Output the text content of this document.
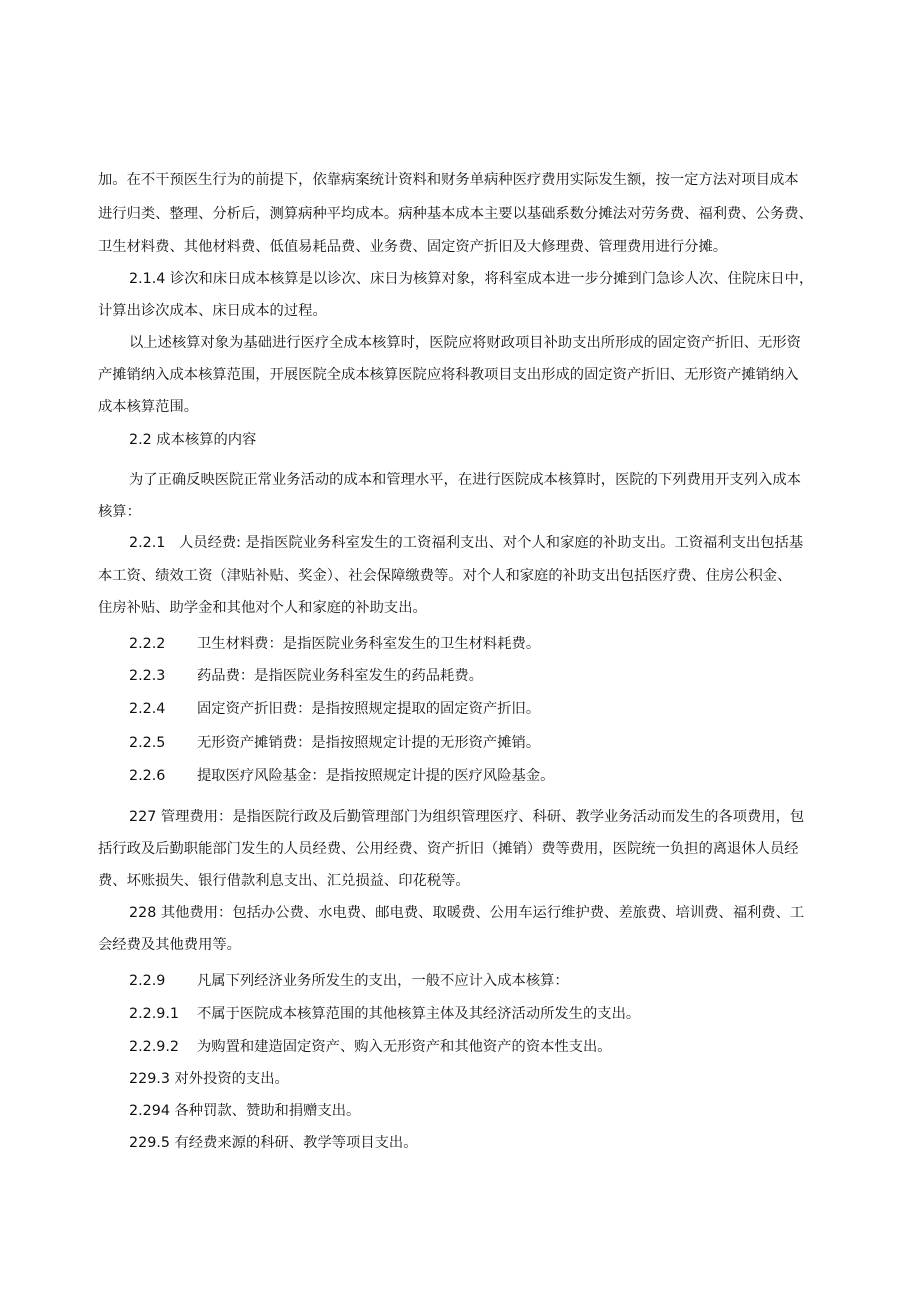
加。在不干预医生行为的前提下，依靠病案统计资料和财务单病种医疗费用实际发生额，按一定方法对项目成本
进行归类、整理、分析后，测算病种平均成本。病种基本成本主要以基础系数分摊法对劳务费、福利费、公务费、
卫生材料费、其他材料费、低值易耗品费、业务费、固定资产折旧及大修理费、管理费用进行分摊。
2.1.4 诊次和床日成本核算是以诊次、床日为核算对象，将科室成本进一步分摊到门急诊人次、住院床日中，
计算出诊次成本、床日成本的过程。
以上述核算对象为基础进行医疗全成本核算时，医院应将财政项目补助支出所形成的固定资产折旧、无形资
产摊销纳入成本核算范围，开展医院全成本核算医院应将科教项目支出形成的固定资产折旧、无形资产摊销纳入
成本核算范围。
2.2 成本核算的内容
为了正确反映医院正常业务活动的成本和管理水平，在进行医院成本核算时，医院的下列费用开支列入成本
核算：
2.2.1 人员经费: 是指医院业务科室发生的工资福利支出、对个人和家庭的补助支出。工资福利支出包括基
本工资、绩效工资（津贴补贴、奖金）、社会保障缴费等。对个人和家庭的补助支出包括医疗费、住房公积金、
住房补贴、助学金和其他对个人和家庭的补助支出。
2.2.2 卫生材料费：是指医院业务科室发生的卫生材料耗费。
2.2.3 药品费：是指医院业务科室发生的药品耗费。
2.2.4 固定资产折旧费：是指按照规定提取的固定资产折旧。
2.2.5 无形资产摊销费：是指按照规定计提的无形资产摊销。
2.2.6 提取医疗风险基金：是指按照规定计提的医疗风险基金。
227 管理费用：是指医院行政及后勤管理部门为组织管理医疗、科研、教学业务活动而发生的各项费用，包
括行政及后勤职能部门发生的人员经费、公用经费、资产折旧（摊销）费等费用，医院统一负担的离退休人员经
费、坏账损失、银行借款利息支出、汇兑损益、印花税等。
228 其他费用：包括办公费、水电费、邮电费、取暖费、公用车运行维护费、差旅费、培训费、福利费、工
会经费及其他费用等。
2.2.9 凡属下列经济业务所发生的支出，一般不应计入成本核算：
2.2.9.1 不属于医院成本核算范围的其他核算主体及其经济活动所发生的支出。
2.2.9.2 为购置和建造固定资产、购入无形资产和其他资产的资本性支出。
229.3 对外投资的支出。
2.294 各种罚款、赞助和捐赠支出。
229.5 有经费来源的科研、教学等项目支出。
